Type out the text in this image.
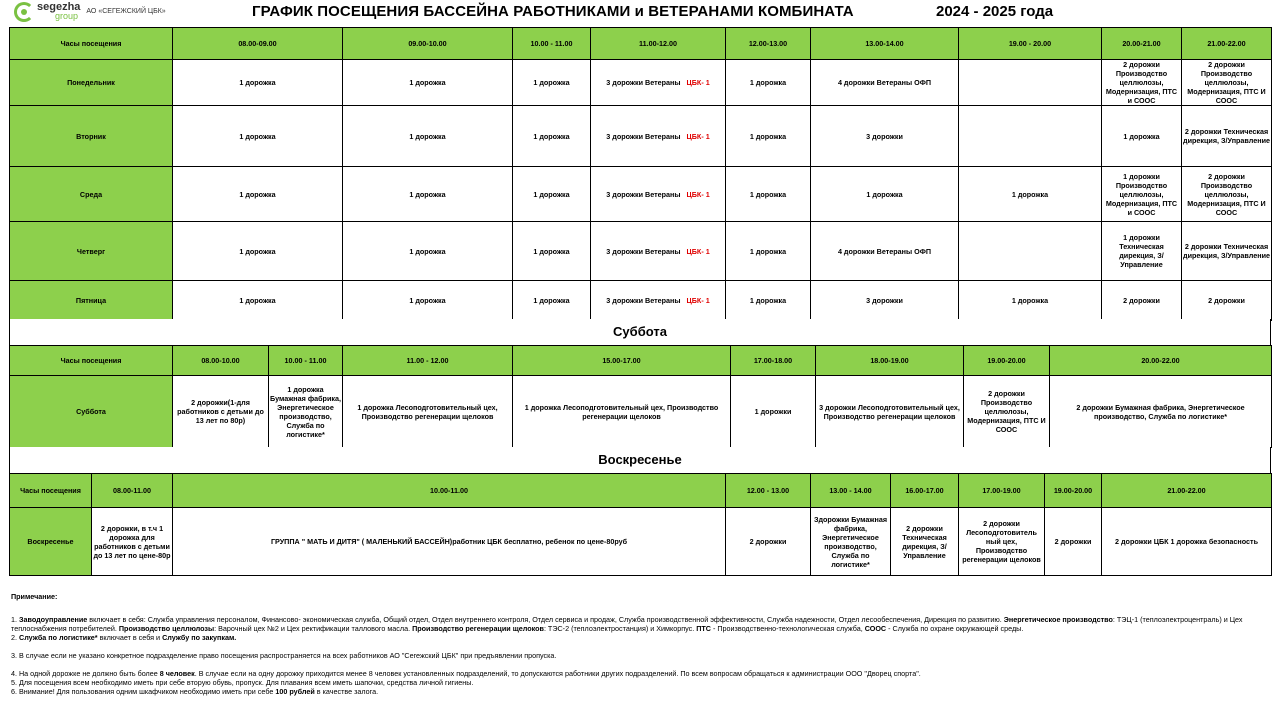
segezha
group	АО «СЕГЕЖСКИЙ ЦБК»	ГРАФИК ПОСЕЩЕНИЯ БАССЕЙНА РАБОТНИКАМИ и ВЕТЕРАНАМИ КОМБИНАТА	2024 - 2025 года
Часы посещения	08.00-09.00	09.00-10.00	10.00 - 11.00	11.00-12.00	12.00-13.00	13.00-14.00	19.00 - 20.00	20.00-21.00	21.00-22.00
Понедельник	1 дорожка	1 дорожка	1 дорожка	3 дорожки Ветераны ЦБК- 1	1 дорожка	4 дорожки Ветераны ОФП		2 дорожки Производство целлюлозы, Модернизация, ПТС и СООС	2 дорожки Производство целлюлозы, Модернизация, ПТС И СООС
Вторник	1 дорожка	1 дорожка	1 дорожка	3 дорожки Ветераны ЦБК- 1	1 дорожка	3 дорожки		1 дорожка	2 дорожки Техническая дирекция, З/Управление
Среда	1 дорожка	1 дорожка	1 дорожка	3 дорожки Ветераны ЦБК- 1	1 дорожка	1 дорожка	1 дорожка	1 дорожки Производство целлюлозы, Модернизация, ПТС и СООС	2 дорожки Производство целлюлозы, Модернизация, ПТС И СООС
Четверг	1 дорожка	1 дорожка	1 дорожка	3 дорожки Ветераны ЦБК- 1	1 дорожка	4 дорожки Ветераны ОФП		1 дорожки Техническая дирекция, З/Управление	2 дорожки Техническая дирекция, З/Управление
Пятница	1 дорожка	1 дорожка	1 дорожка	3 дорожки Ветераны ЦБК- 1	1 дорожка	3 дорожки	1 дорожка	2 дорожки	2 дорожки
Суббота
Часы посещения	08.00-10.00	10.00 - 11.00	11.00 - 12.00	15.00-17.00	17.00-18.00	18.00-19.00	19.00-20.00	20.00-22.00
Суббота	2 дорожки(1-для работников с детьми до 13 лет по 80р)	1 дорожка Бумажная фабрика, Энергетическое производство, Служба по логистике*	1 дорожка Лесоподготовительный цех, Производство регенерации щелоков	1 дорожка Лесоподготовительный цех, Производство регенерации щелоков	1 дорожки	3 дорожки Лесоподготовительный цех, Производство регенерации щелоков	2 дорожки Производство целлюлозы, Модернизация, ПТС И СООС	2 дорожки Бумажная фабрика, Энергетическое производство, Служба по логистике*
Воскресенье
Часы посещения	08.00-11.00	10.00-11.00	12.00 - 13.00	13.00 - 14.00	16.00-17.00	17.00-19.00	19.00-20.00	21.00-22.00
Воскресенье	2 дорожки, в т.ч 1 дорожка для работников с детьми до 13 лет по цене-80р	ГРУППА " МАТЬ И ДИТЯ" ( МАЛЕНЬКИЙ БАССЕЙН)работник ЦБК бесплатно, ребенок по цене-80руб	2 дорожки	Здорожки Бумажная фабрика, Энергетическое производство, Служба по логистике*	2 дорожки Техническая дирекция, З/Управление	2 дорожки Лесоподготовитель ный цех, Производство регенерации щелоков	2 дорожки	2 дорожки ЦБК 1 дорожка безопасность

Примечание:

1. Заводоуправление включает в себя: Служба управления персоналом, Финансово- экономическая служба, Общий отдел, Отдел внутреннего контроля, Отдел сервиса и продаж, Служба производственной эффективности, Служба надежности, Отдел лесообеспечения, Дирекция по развитию. Энергетическое производство: ТЭЦ-1 (теплоэлектроцентраль) и Цех теплоснабжения потребителей. Производство целлюлозы: Варочный цех №2 и Цех ректификации таллового масла. Производство регенерации щелоков: ТЭС-2 (теплоэлектростанция) и Химкорпус. ПТС - Производственно-технологическая служба, СООС - Служба по охране окружающей среды.

2. Служба по логистике* включает в себя и Службу по закупкам.

3. В случае если не указано конкретное подразделение право посещения распространяется на всех работников АО "Сегежский ЦБК" при предъявлении пропуска.

4. На одной дорожке не должно быть более 8 человек. В случае если на одну дорожку приходится менее 8 человек установленных подразделений, то допускаются работники других подразделений. По всем вопросам обращаться к администрации ООО "Дворец спорта".

5. Для посещения всем необходимо иметь при себе вторую обувь, пропуск. Для плавания всем иметь шапочки, средства личной гигиены.

6. Внимание! Для пользования одним шкафчиком необходимо иметь при себе 100 рублей в качестве залога.
